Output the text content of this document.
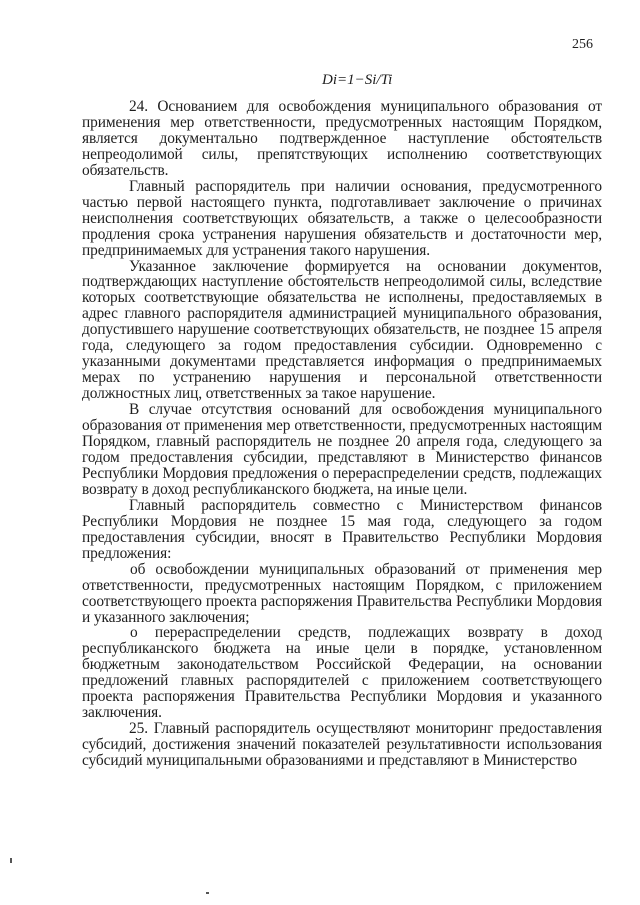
256
Di=1−Si/Ti

24. Основанием для освобождения муниципального образования от применения мер ответственности, предусмотренных настоящим Порядком, является документально подтвержденное наступление обстоятельств непреодолимой силы, препятствующих исполнению соответствующих обязательств.

Главный распорядитель при наличии основания, предусмотренного частью первой настоящего пункта, подготавливает заключение о причинах неисполнения соответствующих обязательств, а также о целесообразности продления срока устранения нарушения обязательств и достаточности мер, предпринимаемых для устранения такого нарушения.

Указанное заключение формируется на основании документов, подтверждающих наступление обстоятельств непреодолимой силы, вследствие которых соответствующие обязательства не исполнены, предоставляемых в адрес главного распорядителя администрацией муниципального образования, допустившего нарушение соответствующих обязательств, не позднее 15 апреля года, следующего за годом предоставления субсидии. Одновременно с указанными документами представляется информация о предпринимаемых мерах по устранению нарушения и персональной ответственности должностных лиц, ответственных за такое нарушение.

В случае отсутствия оснований для освобождения муниципального образования от применения мер ответственности, предусмотренных настоящим Порядком, главный распорядитель не позднее 20 апреля года, следующего за годом предоставления субсидии, представляют в Министерство финансов Республики Мордовия предложения о перераспределении средств, подлежащих возврату в доход республиканского бюджета, на иные цели.

Главный распорядитель совместно с Министерством финансов Республики Мордовия не позднее 15 мая года, следующего за годом предоставления субсидии, вносят в Правительство Республики Мордовия предложения:

об освобождении муниципальных образований от применения мер ответственности, предусмотренных настоящим Порядком, с приложением соответствующего проекта распоряжения Правительства Республики Мордовия и указанного заключения;

о перераспределении средств, подлежащих возврату в доход республиканского бюджета на иные цели в порядке, установленном бюджетным законодательством Российской Федерации, на основании предложений главных распорядителей с приложением соответствующего проекта распоряжения Правительства Республики Мордовия и указанного заключения.

25. Главный распорядитель осуществляют мониторинг предоставления субсидий, достижения значений показателей результативности использования субсидий муниципальными образованиями и представляют в Министерство
